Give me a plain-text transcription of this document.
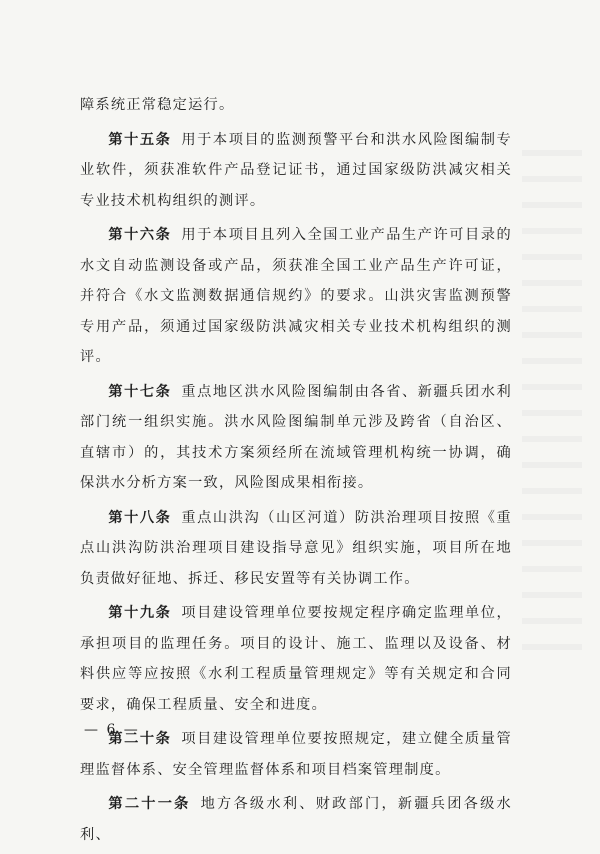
障系统正常稳定运行。

第十五条 用于本项目的监测预警平台和洪水风险图编制专业软件，须获准软件产品登记证书，通过国家级防洪减灾相关专业技术机构组织的测评。

第十六条 用于本项目且列入全国工业产品生产许可目录的水文自动监测设备或产品，须获准全国工业产品生产许可证，并符合《水文监测数据通信规约》的要求。山洪灾害监测预警专用产品，须通过国家级防洪减灾相关专业技术机构组织的测评。

第十七条 重点地区洪水风险图编制由各省、新疆兵团水利部门统一组织实施。洪水风险图编制单元涉及跨省（自治区、直辖市）的，其技术方案须经所在流域管理机构统一协调，确保洪水分析方案一致，风险图成果相衔接。

第十八条 重点山洪沟（山区河道）防洪治理项目按照《重点山洪沟防洪治理项目建设指导意见》组织实施，项目所在地负责做好征地、拆迁、移民安置等有关协调工作。

第十九条 项目建设管理单位要按规定程序确定监理单位，承担项目的监理任务。项目的设计、施工、监理以及设备、材料供应等应按照《水利工程质量管理规定》等有关规定和合同要求，确保工程质量、安全和进度。

第二十条 项目建设管理单位要按照规定，建立健全质量管理监督体系、安全管理监督体系和项目档案管理制度。

第二十一条 地方各级水利、财政部门，新疆兵团各级水利、

— 6 —
